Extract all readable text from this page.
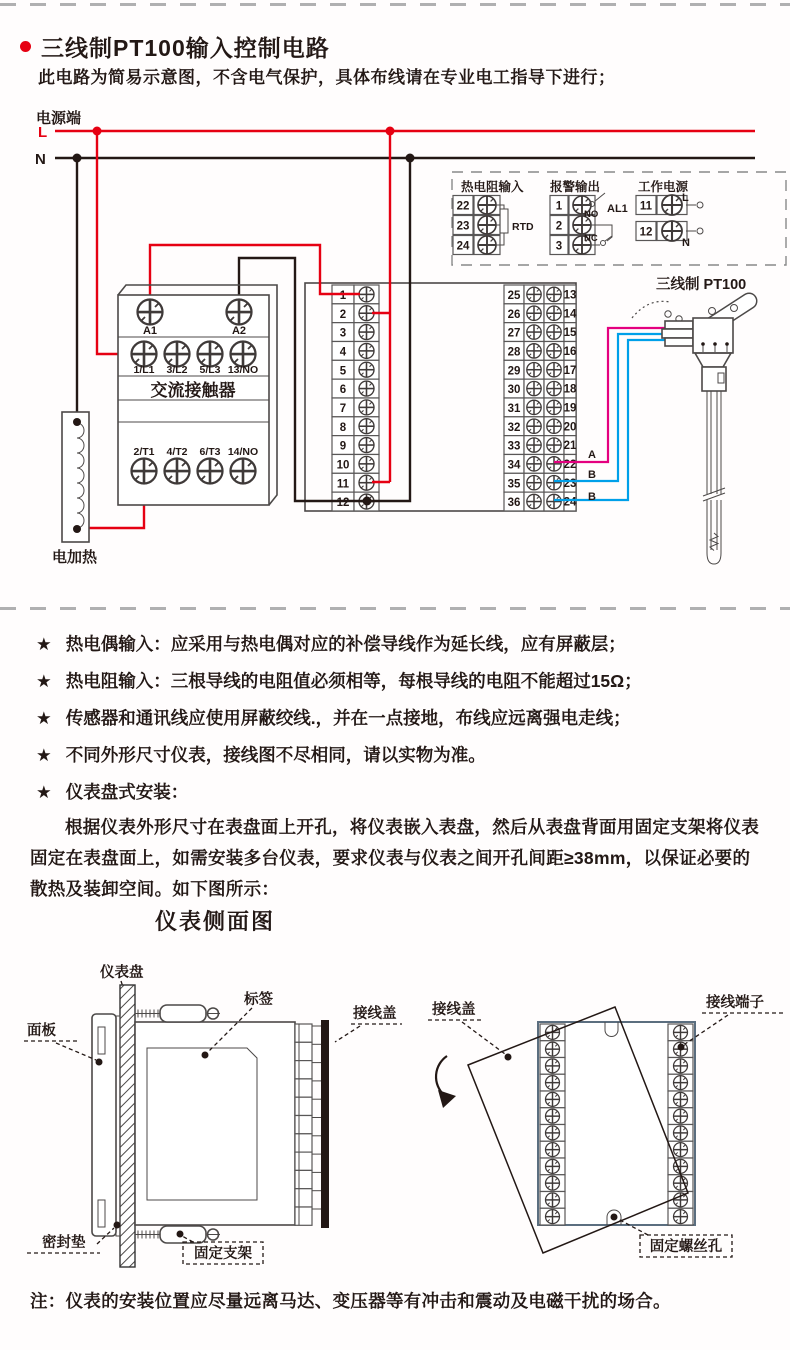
三线制PT100输入控制电路
此电路为简易示意图，不含电气保护，具体布线请在专业电工指导下进行；
电源端
L
N
1
2
3
4
5
6
7
8
9
10
11
12
25	13
26	14
27	15
28	16
29	17
30	18
31	19
32	20
33	21
34	22
35	23
36	24
电加热
A1	A2
1/L1 3/L2 5/L3 13/NO
交流接触器
2/T1 4/T2 6/T3 14/NO
热电阻输入
22
23
24
RTD
报警输出
1
2
3
NO AL1
NC
工作电源
11
12
L
N
A
B
B
三线制 PT100
★ 热电偶输入：应采用与热电偶对应的补偿导线作为延长线，应有屏蔽层；
★ 热电阻输入：三根导线的电阻值必须相等，每根导线的电阻不能超过15Ω；
★ 传感器和通讯线应使用屏蔽绞线.，并在一点接地，布线应远离强电走线；
★ 不同外形尺寸仪表，接线图不尽相同，请以实物为准。
★ 仪表盘式安装：
根据仪表外形尺寸在表盘面上开孔，将仪表嵌入表盘，然后从表盘背面用固定支架将仪表固定在表盘面上，如需安装多台仪表，要求仪表与仪表之间开孔间距≥38mm，以保证必要的散热及装卸空间。如下图所示：
仪表侧面图
仪表盘
标签
面板
密封垫
固定支架
接线盖 接线盖	接线端子
固定螺丝孔
注：仪表的安装位置应尽量远离马达、变压器等有冲击和震动及电磁干扰的场合。
